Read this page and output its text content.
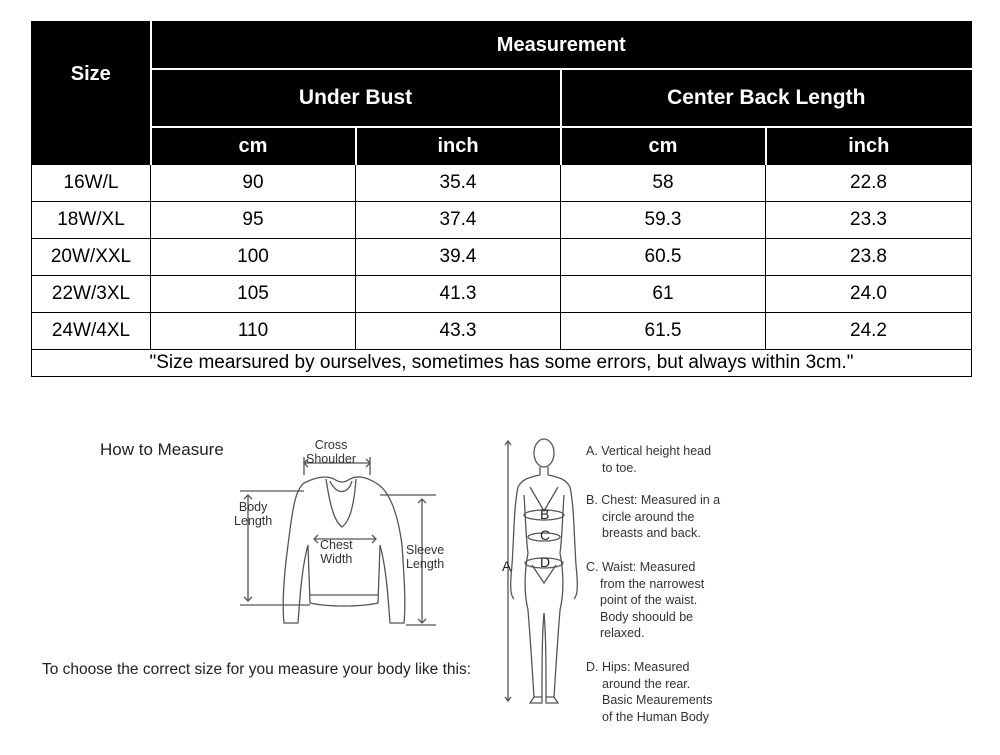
Size	Measurement			
	Under Bust		Center Back Length	
	cm	inch	cm	inch
16W/L	90	35.4	58	22.8
18W/XL	95	37.4	59.3	23.3
20W/XXL	100	39.4	60.5	23.8
22W/3XL	105	41.3	61	24.0
24W/4XL	110	43.3	61.5	24.2
"Size mearsured by ourselves, sometimes has some errors, but always within 3cm."				
How to Measure
To choose the correct size for you measure your body like this:
Cross
Shoulder
Body
Length
Chest
Width
Sleeve
Length	A
B
C
D
A. Vertical height head
to toe.
B. Chest: Measured in a
circle around the
breasts and back.
C. Waist: Measured
from the narrowest
point of the waist.
Body shoould be
relaxed.
D. Hips: Measured
around the rear.
Basic Meaurements
of the Human Body
